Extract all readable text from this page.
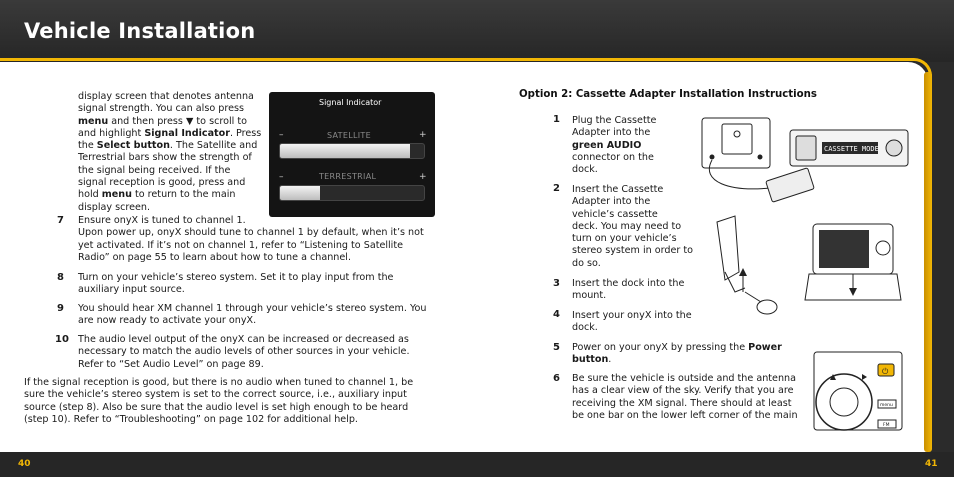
Vehicle Installation
display screen that denotes antenna
signal strength. You can also press
menu and then press ▼ to scroll to
and highlight Signal Indicator. Press
the Select button. The Satellite and
Terrestrial bars show the strength of
the signal being received. If the
signal reception is good, press and
hold menu to return to the main
display screen.
Signal Indicator
–	SATELLITE	+
–	TERRESTRIAL	+
7 Ensure onyX is tuned to channel 1.
Upon power up, onyX should tune to channel 1 by default, when it’s not
yet activated. If it’s not on channel 1, refer to “Listening to Satellite
Radio” on page 55 to learn about how to tune a channel.
8 Turn on your vehicle’s stereo system. Set it to play input from the
auxiliary input source.
9 You should hear XM channel 1 through your vehicle’s stereo system. You
are now ready to activate your onyX.
10 The audio level output of the onyX can be increased or decreased as
necessary to match the audio levels of other sources in your vehicle.
Refer to “Set Audio Level” on page 89.
If the signal reception is good, but there is no audio when tuned to channel 1, be
sure the vehicle’s stereo system is set to the correct source, i.e., auxiliary input
source (step 8). Also be sure that the audio level is set high enough to be heard
(step 10). Refer to “Troubleshooting” on page 102 for additional help.
Option 2: Cassette Adapter Installation Instructions
1 Plug the Cassette
Adapter into the
green AUDIO
connector on the
dock.
2 Insert the Cassette
Adapter into the
vehicle’s cassette
deck. You may need to
turn on your vehicle’s
stereo system in order to
do so.
3 Insert the dock into the
mount.
4 Insert your onyX into the
dock.
5 Power on your onyX by pressing the Power
button.
6 Be sure the vehicle is outside and the antenna
has a clear view of the sky. Verify that you are
receiving the XM signal. There should at least
be one bar on the lower left corner of the main
CASSETTE MODE
⏻
menu
FM
40	41
